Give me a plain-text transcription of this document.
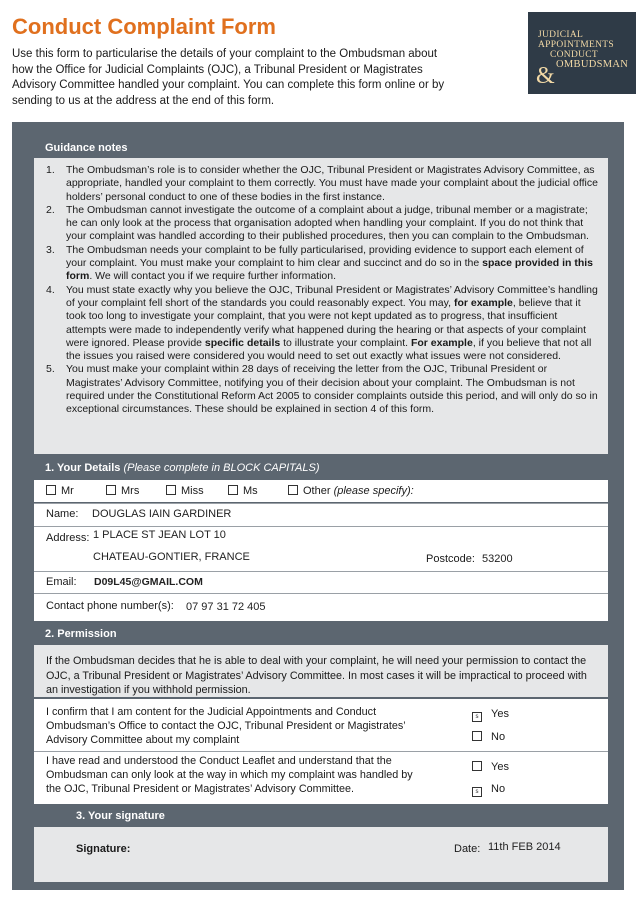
Conduct Complaint Form
Use this form to particularise the details of your complaint to the Ombudsman about how the Office for Judicial Complaints (OJC), a Tribunal President or Magistrates Advisory Committee handled your complaint. You can complete this form online or by sending to us at the address at the end of this form.
JUDICIAL
APPOINTMENTS
CONDUCT
OMBUDSMAN
&
Guidance notes
1. The Ombudsman’s role is to consider whether the OJC, Tribunal President or Magistrates Advisory Committee, as appropriate, handled your complaint to them correctly. You must have made your complaint about the judicial office holders’ personal conduct to one of these bodies in the first instance.
2. The Ombudsman cannot investigate the outcome of a complaint about a judge, tribunal member or a magistrate; he can only look at the process that organisation adopted when handling your complaint. If you do not think that your complaint was handled according to their published procedures, then you can complain to the Ombudsman.
3. The Ombudsman needs your complaint to be fully particularised, providing evidence to support each element of your complaint. You must make your complaint to him clear and succinct and do so in the space provided in this form. We will contact you if we require further information.
4. You must state exactly why you believe the OJC, Tribunal President or Magistrates’ Advisory Committee’s handling of your complaint fell short of the standards you could reasonably expect. You may, for example, believe that it took too long to investigate your complaint, that you were not kept updated as to progress, that insufficient attempts were made to independently verify what happened during the hearing or that aspects of your complaint were ignored. Please provide specific details to illustrate your complaint. For example, if you believe that not all the issues you raised were considered you would need to set out exactly what issues were not considered.
5. You must make your complaint within 28 days of receiving the letter from the OJC, Tribunal President or Magistrates’ Advisory Committee, notifying you of their decision about your complaint. The Ombudsman is not required under the Constitutional Reform Act 2005 to consider complaints outside this period, and will only do so in exceptional circumstances. These should be explained in section 4 of this form.
1. Your Details (Please complete in BLOCK CAPITALS)
Mr	Mrs	Miss	Ms	Other (please specify):
Name: DOUGLAS IAIN GARDINER
Address: 1 PLACE ST JEAN LOT 10
CHATEAU-GONTIER, FRANCE	Postcode: 53200
Email: D09L45@GMAIL.COM
Contact phone number(s): 07 97 31 72 405
2. Permission
If the Ombudsman decides that he is able to deal with your complaint, he will need your permission to contact the OJC, a Tribunal President or Magistrates’ Advisory Committee. In most cases it will be impractical to proceed with an investigation if you withhold permission.
I confirm that I am content for the Judicial Appointments and Conduct Ombudsman’s Office to contact the OJC, Tribunal President or Magistrates’ Advisory Committee about my complaint
s Yes
No
I have read and understood the Conduct Leaflet and understand that the Ombudsman can only look at the way in which my complaint was handled by the OJC, Tribunal President or Magistrates’ Advisory Committee.
Yes
s No
3. Your signature
Signature:	Date: 11th FEB 2014
